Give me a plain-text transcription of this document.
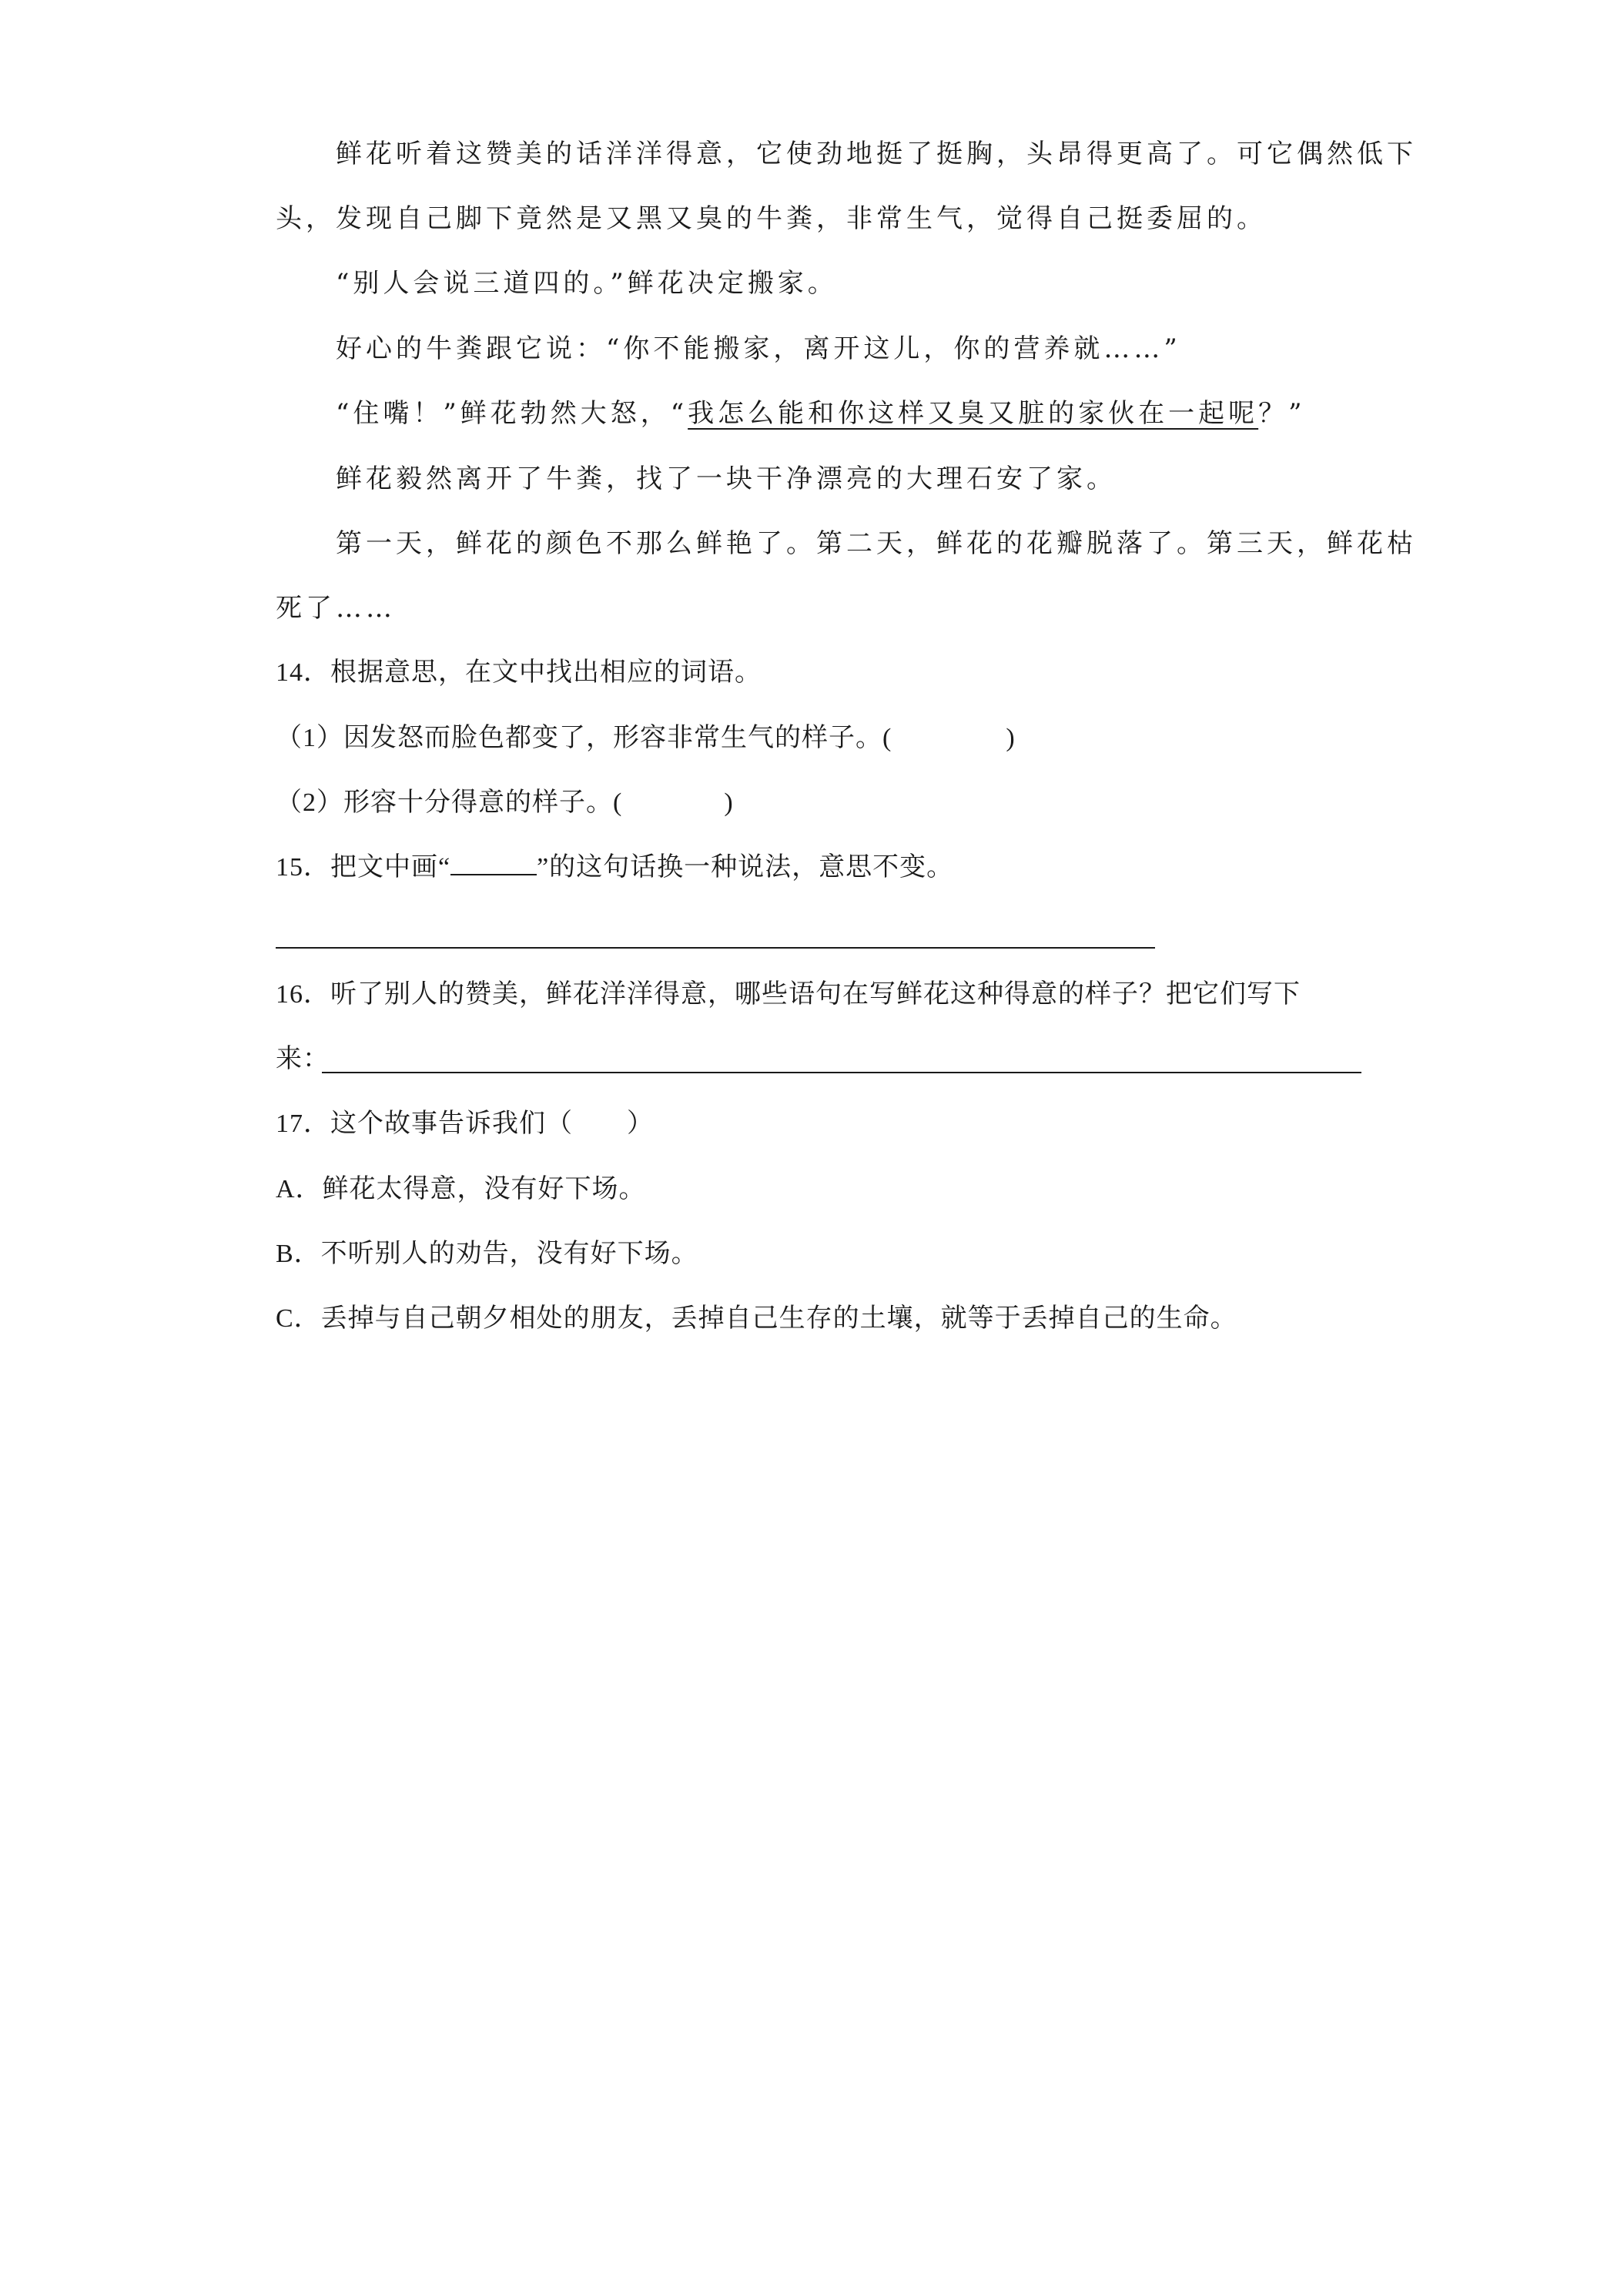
鲜花听着这赞美的话洋洋得意，它使劲地挺了挺胸，头昂得更高了。可它偶然低下
头，发现自己脚下竟然是又黑又臭的牛粪，非常生气，觉得自己挺委屈的。
“别人会说三道四的。”鲜花决定搬家。
好心的牛粪跟它说：“你不能搬家，离开这儿，你的营养就……”
“住嘴！”鲜花勃然大怒，“我怎么能和你这样又臭又脏的家伙在一起呢？”
鲜花毅然离开了牛粪，找了一块干净漂亮的大理石安了家。
第一天，鲜花的颜色不那么鲜艳了。第二天，鲜花的花瓣脱落了。第三天，鲜花枯
死了……
14．根据意思，在文中找出相应的词语。
（1）因发怒而脸色都变了，形容非常生气的样子。(	)
（2）形容十分得意的样子。(	)
15．把文中画“	”的这句话换一种说法，意思不变。
16．听了别人的赞美，鲜花洋洋得意，哪些语句在写鲜花这种得意的样子？把它们写下
来：
17．这个故事告诉我们（　　）
A．鲜花太得意，没有好下场。
B．不听别人的劝告，没有好下场。
C．丢掉与自己朝夕相处的朋友，丢掉自己生存的土壤，就等于丢掉自己的生命。
